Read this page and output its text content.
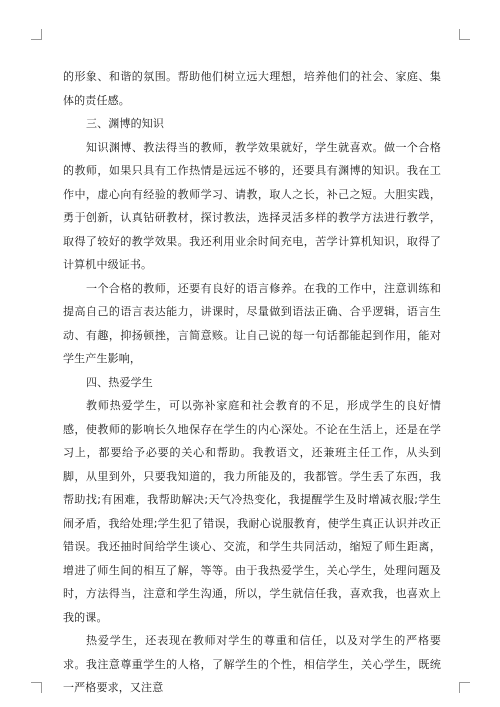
的形象、和谐的氛围。帮助他们树立远大理想，培养他们的社会、家庭、集体的责任感。

三、渊博的知识

知识渊博、教法得当的教师，教学效果就好，学生就喜欢。做一个合格的教师，如果只具有工作热情是远远不够的，还要具有渊博的知识。我在工作中，虚心向有经验的教师学习、请教，取人之长，补己之短。大胆实践，勇于创新，认真钻研教材，探讨教法，选择灵活多样的教学方法进行教学，取得了较好的教学效果。我还利用业余时间充电，苦学计算机知识，取得了计算机中级证书。

一个合格的教师，还要有良好的语言修养。在我的工作中，注意训练和提高自己的语言表达能力，讲课时，尽量做到语法正确、合乎逻辑，语言生动、有趣，抑扬顿挫，言简意赅。让自己说的每一句话都能起到作用，能对学生产生影响，

四、热爱学生

教师热爱学生，可以弥补家庭和社会教育的不足，形成学生的良好情感，使教师的影响长久地保存在学生的内心深处。不论在生活上，还是在学习上，都要给予必要的关心和帮助。我教语文，还兼班主任工作，从头到脚，从里到外，只要我知道的，我力所能及的，我都管。学生丢了东西，我帮助找;有困难，我帮助解决;天气冷热变化，我提醒学生及时增减衣服;学生闹矛盾，我给处理;学生犯了错误，我耐心说服教育，使学生真正认识并改正错误。我还抽时间给学生谈心、交流，和学生共同活动，缩短了师生距离，增进了师生间的相互了解，等等。由于我热爱学生，关心学生，处理问题及时，方法得当，注意和学生沟通，所以，学生就信任我，喜欢我，也喜欢上我的课。

热爱学生，还表现在教师对学生的尊重和信任，以及对学生的严格要求。我注意尊重学生的人格，了解学生的个性，相信学生，关心学生，既统一严格要求，又注意
